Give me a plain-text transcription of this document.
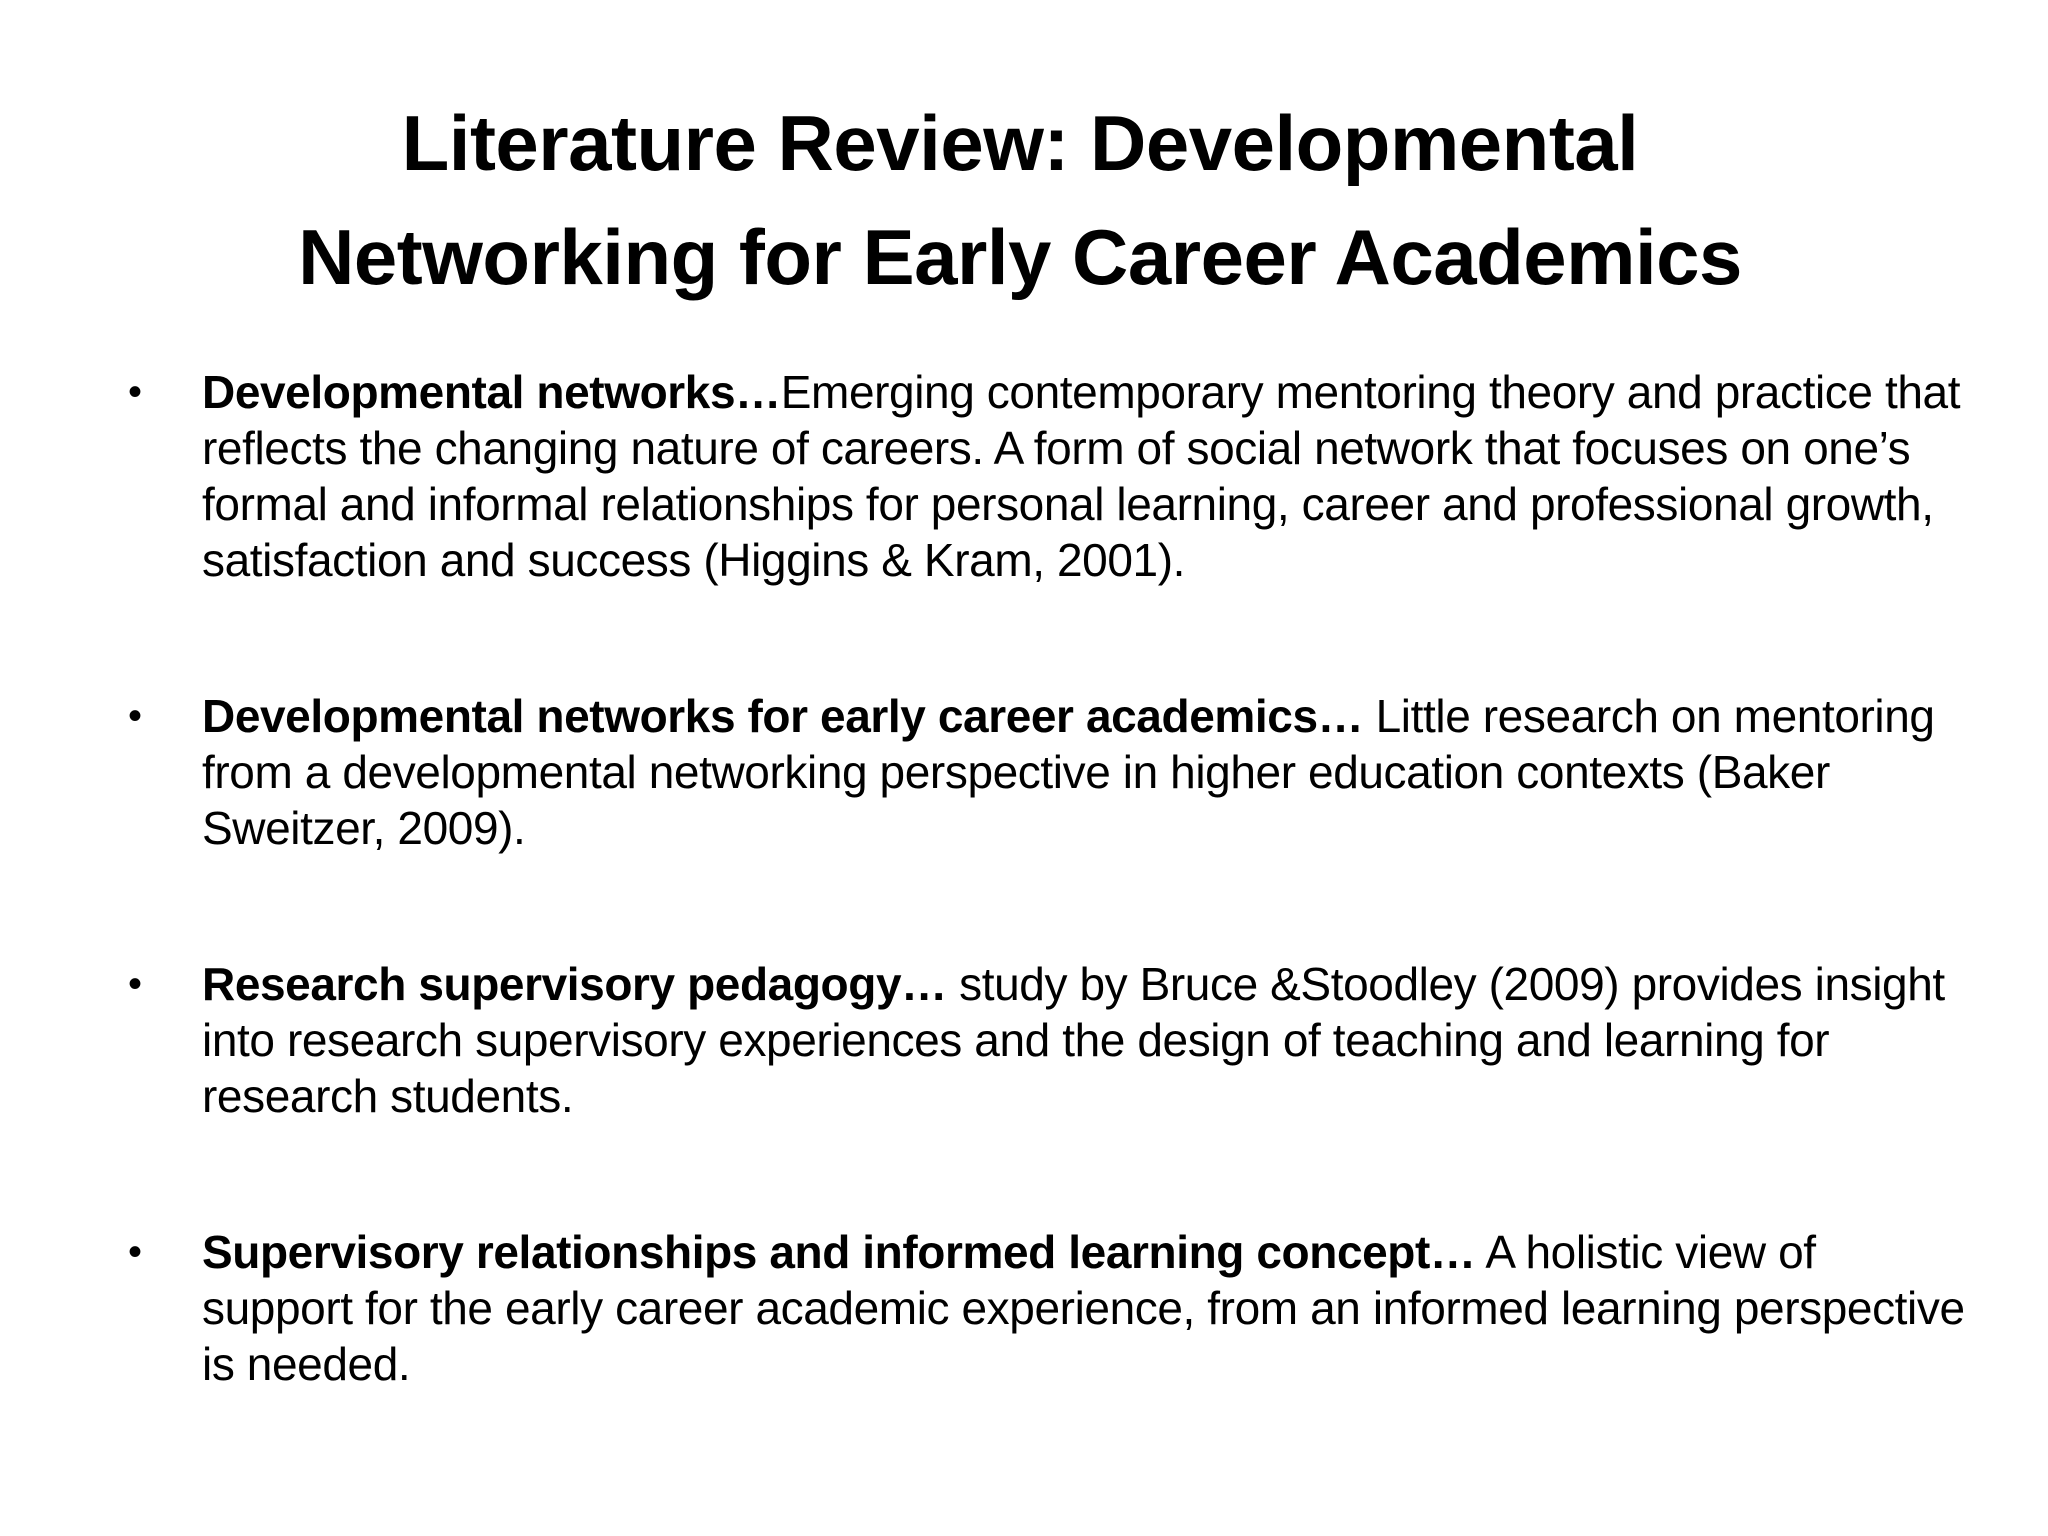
Literature Review: Developmental
Networking for Early Career Academics
•	Developmental networks…Emerging contemporary mentoring theory and practice that reflects the changing nature of careers. A form of social network that focuses on one’s formal and informal relationships for personal learning, career and professional growth, satisfaction and success (Higgins & Kram, 2001).
•	Developmental networks for early career academics… Little research on mentoring from a developmental networking perspective in higher education contexts (Baker Sweitzer, 2009).
•	Research supervisory pedagogy… study by Bruce &Stoodley (2009) provides insight into research supervisory experiences and the design of teaching and learning for research students.
•	Supervisory relationships and informed learning concept… A holistic view of support for the early career academic experience, from an informed learning perspective is needed.
